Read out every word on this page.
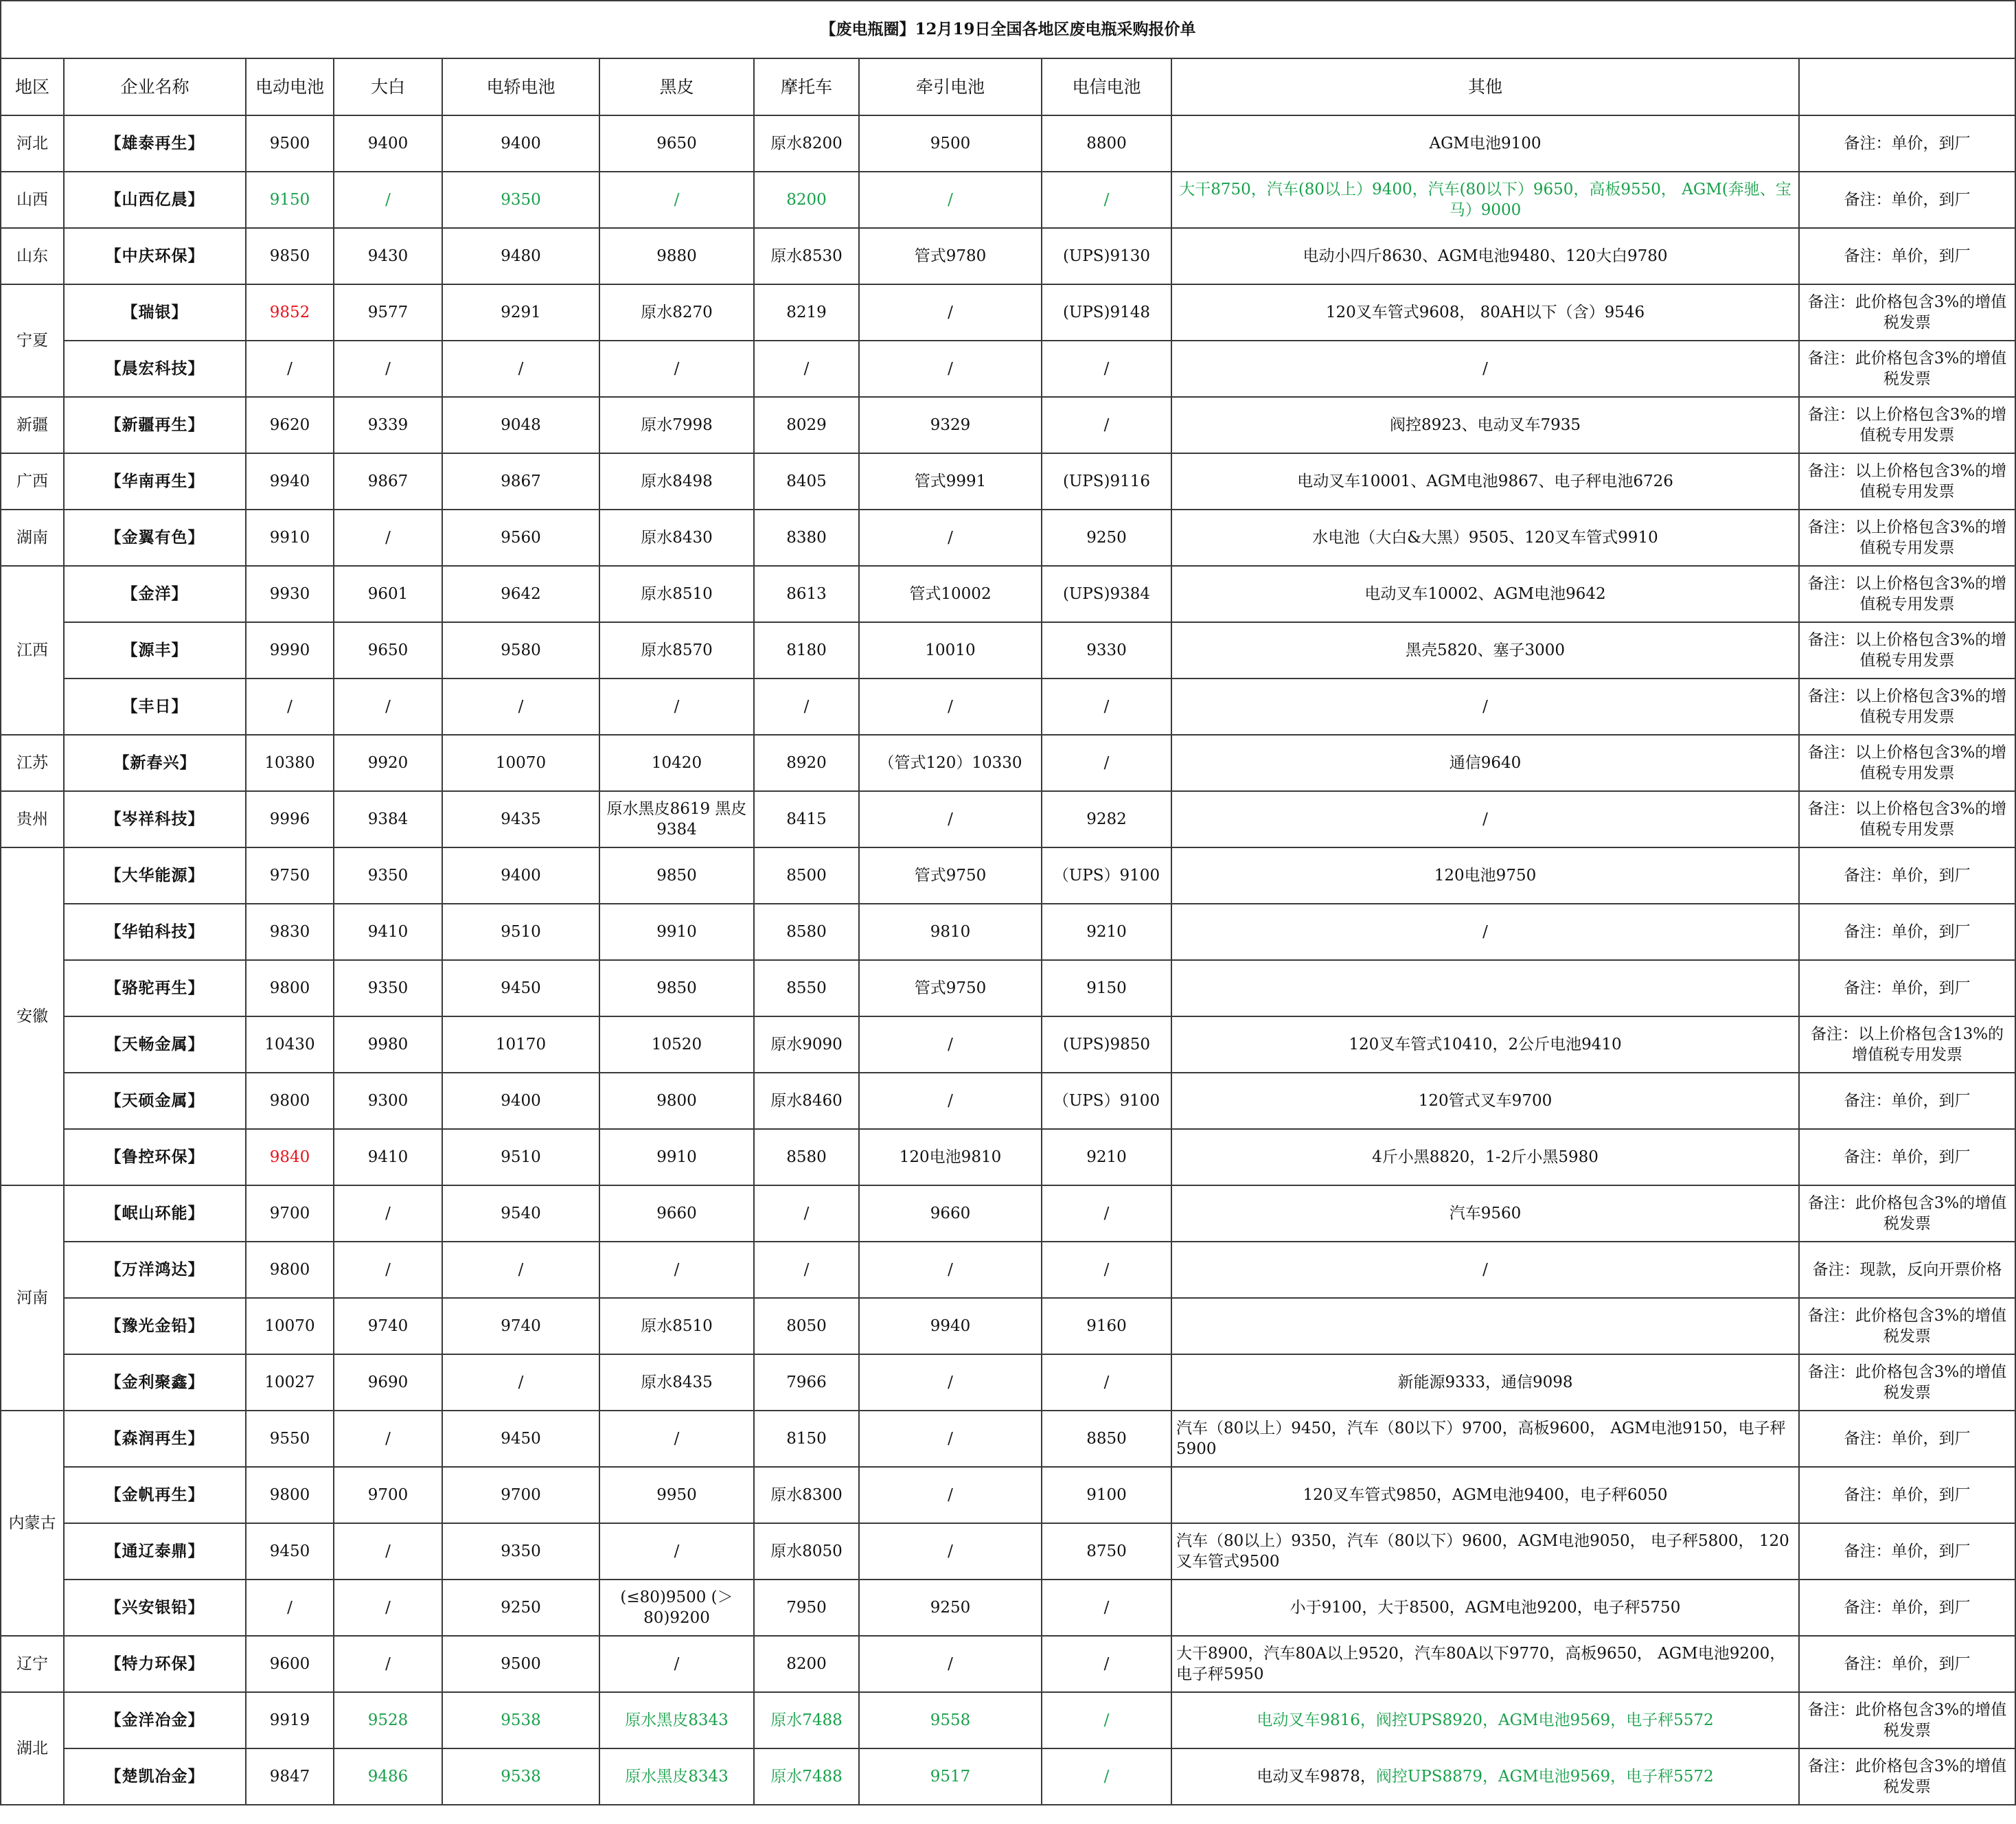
【废电瓶圈】12月19日全国各地区废电瓶采购报价单										
地区	企业名称	电动电池	大白	电轿电池	黑皮	摩托车	牵引电池	电信电池	其他	
河北	【雄泰再生】	9500	9400	9400	9650	原水8200	9500	8800	AGM电池9100	备注：单价，到厂
山西	【山西亿晨】	9150	/	9350	/	8200	/	/	大干8750，汽车(80以上）9400，汽车(80以下）9650，高板9550， AGM(奔驰、宝马）9000	备注：单价，到厂
山东	【中庆环保】	9850	9430	9480	9880	原水8530	管式9780	(UPS)9130	电动小四斤8630、AGM电池9480、120大白9780	备注：单价，到厂
宁夏	【瑞银】	9852	9577	9291	原水8270	8219	/	(UPS)9148	120叉车管式9608， 80AH以下（含）9546	备注：此价格包含3%的增值税发票
	【晨宏科技】	/	/	/	/	/	/	/	/	备注：此价格包含3%的增值税发票
新疆	【新疆再生】	9620	9339	9048	原水7998	8029	9329	/	阀控8923、电动叉车7935	备注：以上价格包含3%的增值税专用发票
广西	【华南再生】	9940	9867	9867	原水8498	8405	管式9991	(UPS)9116	电动叉车10001、AGM电池9867、电子秤电池6726	备注：以上价格包含3%的增值税专用发票
湖南	【金翼有色】	9910	/	9560	原水8430	8380	/	9250	水电池（大白&大黑）9505、120叉车管式9910	备注：以上价格包含3%的增值税专用发票
江西	【金洋】	9930	9601	9642	原水8510	8613	管式10002	(UPS)9384	电动叉车10002、AGM电池9642	备注：以上价格包含3%的增值税专用发票
	【源丰】	9990	9650	9580	原水8570	8180	10010	9330	黑壳5820、塞子3000	备注：以上价格包含3%的增值税专用发票
	【丰日】	/	/	/	/	/	/	/	/	备注：以上价格包含3%的增值税专用发票
江苏	【新春兴】	10380	9920	10070	10420	8920	（管式120）10330	/	通信9640	备注：以上价格包含3%的增值税专用发票
贵州	【岑祥科技】	9996	9384	9435	原水黑皮8619 黑皮9384	8415	/	9282	/	备注：以上价格包含3%的增值税专用发票
安徽	【大华能源】	9750	9350	9400	9850	8500	管式9750	（UPS）9100	120电池9750	备注：单价，到厂
	【华铂科技】	9830	9410	9510	9910	8580	9810	9210	/	备注：单价，到厂
	【骆驼再生】	9800	9350	9450	9850	8550	管式9750	9150		备注：单价，到厂
	【天畅金属】	10430	9980	10170	10520	原水9090	/	(UPS)9850	120叉车管式10410，2公斤电池9410	备注：以上价格包含13%的增值税专用发票
	【天硕金属】	9800	9300	9400	9800	原水8460	/	（UPS）9100	120管式叉车9700	备注：单价，到厂
	【鲁控环保】	9840	9410	9510	9910	8580	120电池9810	9210	4斤小黑8820，1-2斤小黑5980	备注：单价，到厂
河南	【岷山环能】	9700	/	9540	9660	/	9660	/	汽车9560	备注：此价格包含3%的增值税发票
	【万洋鸿达】	9800	/	/	/	/	/	/	/	备注：现款，反向开票价格
	【豫光金铅】	10070	9740	9740	原水8510	8050	9940	9160		备注：此价格包含3%的增值税发票
	【金利聚鑫】	10027	9690	/	原水8435	7966	/	/	新能源9333，通信9098	备注：此价格包含3%的增值税发票
内蒙古	【森润再生】	9550	/	9450	/	8150	/	8850	汽车（80以上）9450，汽车（80以下）9700，高板9600， AGM电池9150，电子秤5900	备注：单价，到厂
	【金帆再生】	9800	9700	9700	9950	原水8300	/	9100	120叉车管式9850，AGM电池9400，电子秤6050	备注：单价，到厂
	【通辽泰鼎】	9450	/	9350	/	原水8050	/	8750	汽车（80以上）9350，汽车（80以下）9600，AGM电池9050， 电子秤5800， 120叉车管式9500	备注：单价，到厂
	【兴安银铅】	/	/	9250	(≤80)9500 (＞80)9200	7950	9250	/	小于9100，大于8500，AGM电池9200，电子秤5750	备注：单价，到厂
辽宁	【特力环保】	9600	/	9500	/	8200	/	/	大干8900，汽车80A以上9520，汽车80A以下9770，高板9650， AGM电池9200，电子秤5950	备注：单价，到厂
湖北	【金洋冶金】	9919	9528	9538	原水黑皮8343	原水7488	9558	/	电动叉车9816，阀控UPS8920，AGM电池9569，电子秤5572	备注：此价格包含3%的增值税发票
	【楚凯冶金】	9847	9486	9538	原水黑皮8343	原水7488	9517	/	电动叉车9878，阀控UPS8879，AGM电池9569，电子秤5572	备注：此价格包含3%的增值税发票
